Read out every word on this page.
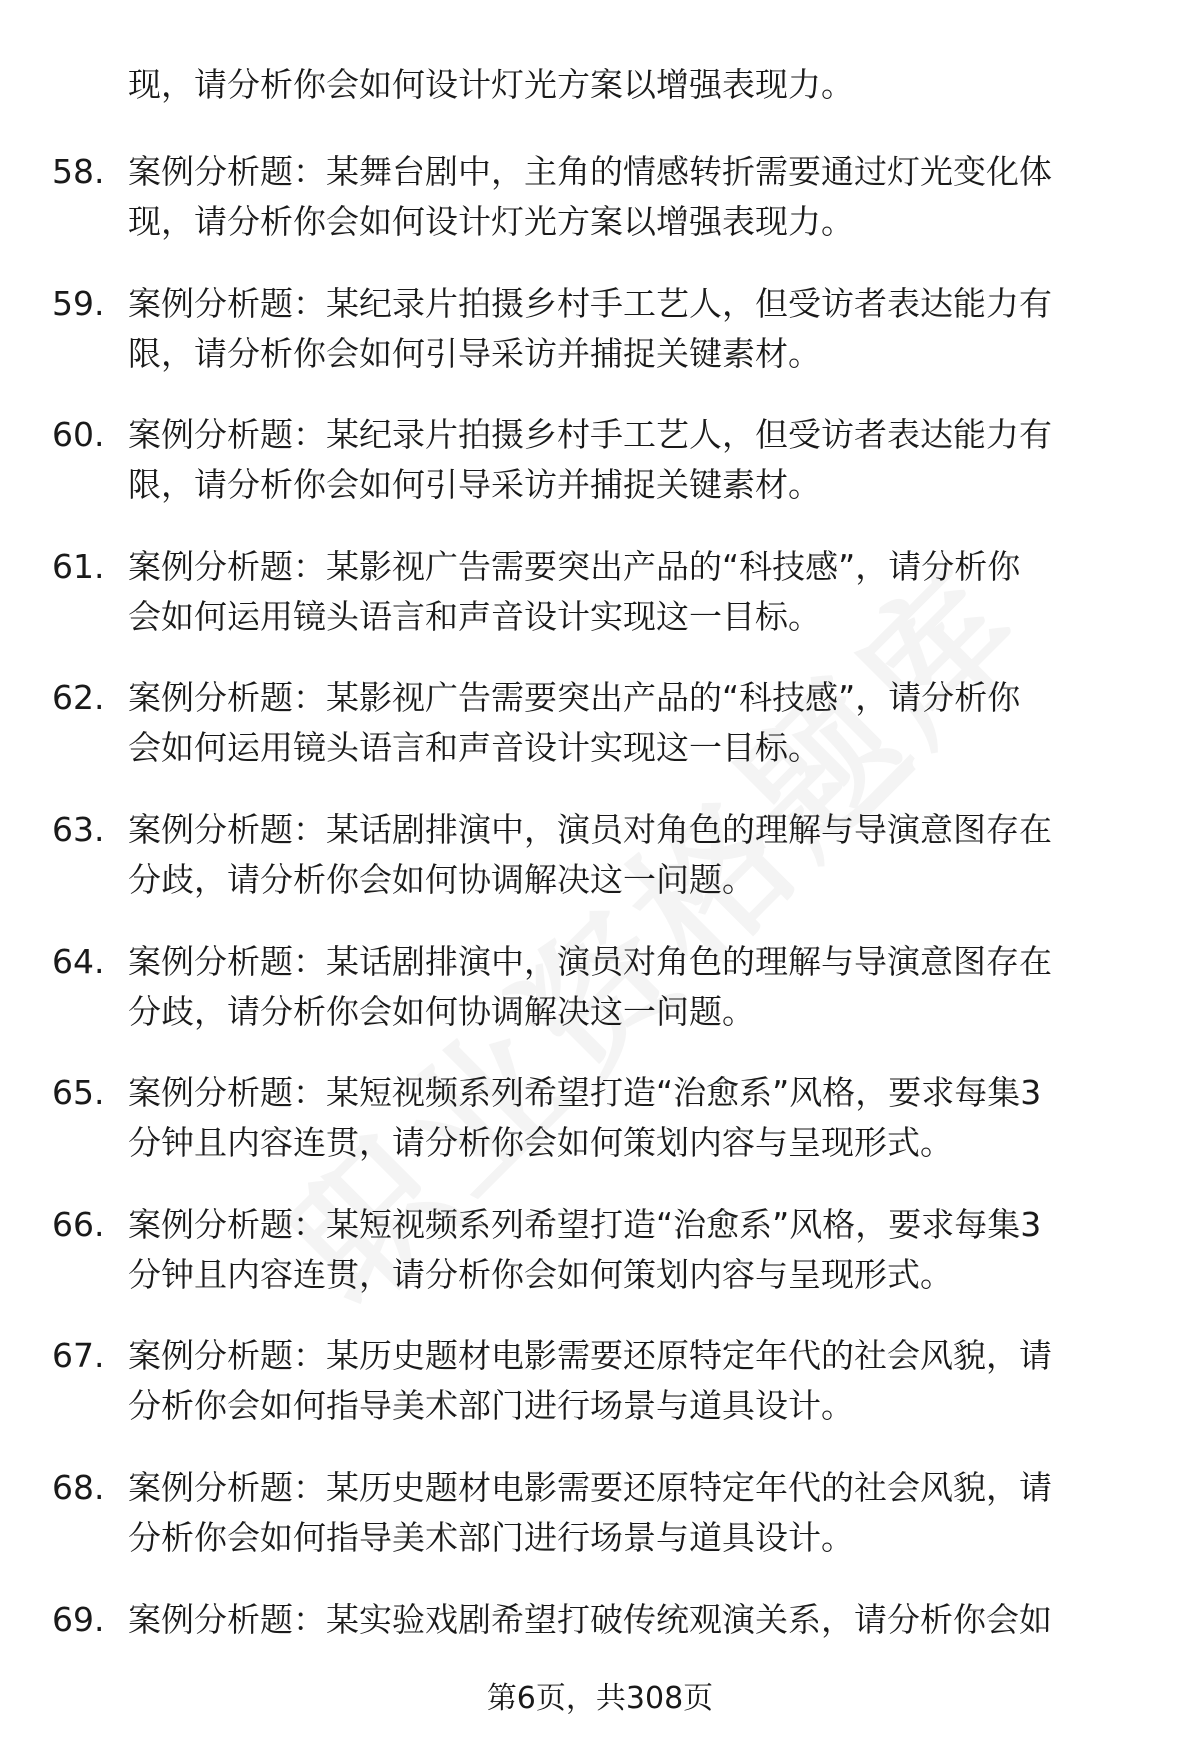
现，请分析你会如何设计灯光方案以增强表现力。
58. 案例分析题：某舞台剧中，主角的情感转折需要通过灯光变化体
现，请分析你会如何设计灯光方案以增强表现力。
59. 案例分析题：某纪录片拍摄乡村手工艺人，但受访者表达能力有
限，请分析你会如何引导采访并捕捉关键素材。
60. 案例分析题：某纪录片拍摄乡村手工艺人，但受访者表达能力有
限，请分析你会如何引导采访并捕捉关键素材。
61. 案例分析题：某影视广告需要突出产品的“科技感”，请分析你
会如何运用镜头语言和声音设计实现这一目标。
62. 案例分析题：某影视广告需要突出产品的“科技感”，请分析你
会如何运用镜头语言和声音设计实现这一目标。
63. 案例分析题：某话剧排演中，演员对角色的理解与导演意图存在
分歧，请分析你会如何协调解决这一问题。
64. 案例分析题：某话剧排演中，演员对角色的理解与导演意图存在
分歧，请分析你会如何协调解决这一问题。
65. 案例分析题：某短视频系列希望打造“治愈系”风格，要求每集3
分钟且内容连贯，请分析你会如何策划内容与呈现形式。
66. 案例分析题：某短视频系列希望打造“治愈系”风格，要求每集3
分钟且内容连贯，请分析你会如何策划内容与呈现形式。
67. 案例分析题：某历史题材电影需要还原特定年代的社会风貌，请
分析你会如何指导美术部门进行场景与道具设计。
68. 案例分析题：某历史题材电影需要还原特定年代的社会风貌，请
分析你会如何指导美术部门进行场景与道具设计。
69. 案例分析题：某实验戏剧希望打破传统观演关系，请分析你会如
第6页，共308页
